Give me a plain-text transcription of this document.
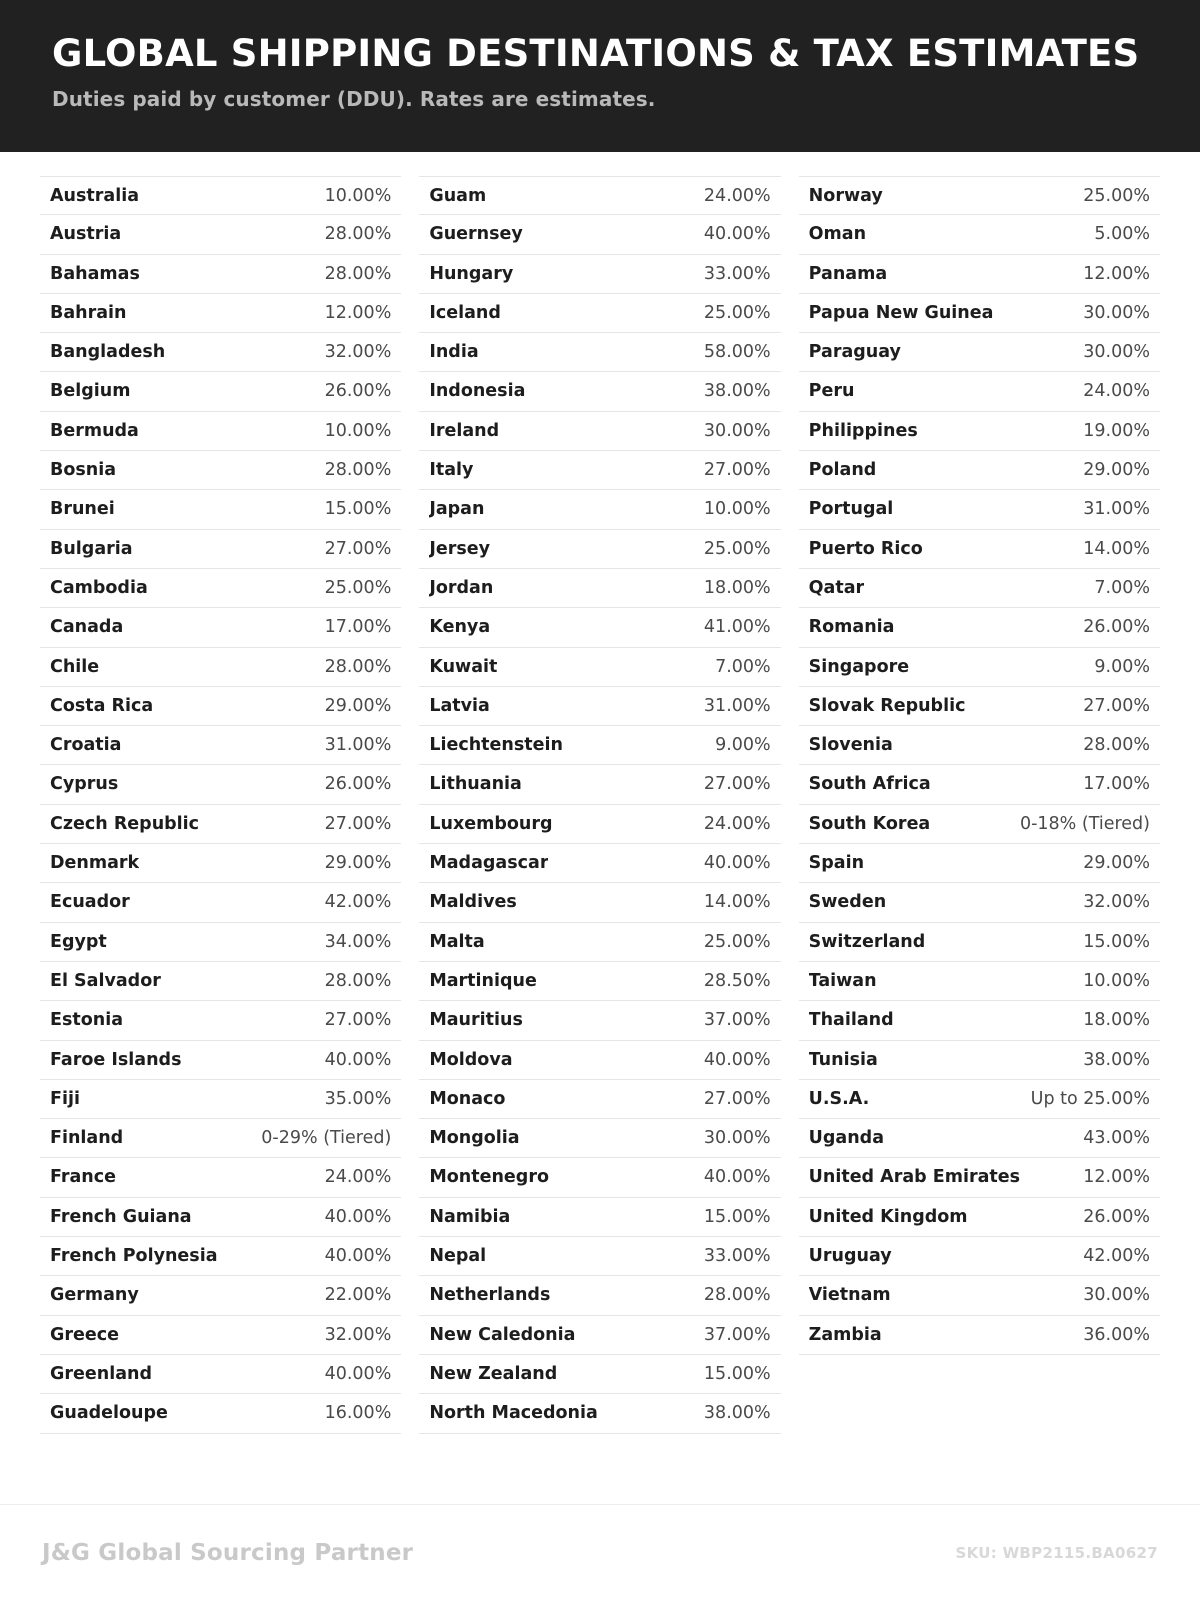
GLOBAL SHIPPING DESTINATIONS & TAX ESTIMATES

Duties paid by customer (DDU). Rates are estimates.

Australia	10.00%
Austria	28.00%
Bahamas	28.00%
Bahrain	12.00%
Bangladesh	32.00%
Belgium	26.00%
Bermuda	10.00%
Bosnia	28.00%
Brunei	15.00%
Bulgaria	27.00%
Cambodia	25.00%
Canada	17.00%
Chile	28.00%
Costa Rica	29.00%
Croatia	31.00%
Cyprus	26.00%
Czech Republic	27.00%
Denmark	29.00%
Ecuador	42.00%
Egypt	34.00%
El Salvador	28.00%
Estonia	27.00%
Faroe Islands	40.00%
Fiji	35.00%
Finland	0-29% (Tiered)
France	24.00%
French Guiana	40.00%
French Polynesia	40.00%
Germany	22.00%
Greece	32.00%
Greenland	40.00%
Guadeloupe	16.00%
Guam	24.00%
Guernsey	40.00%
Hungary	33.00%
Iceland	25.00%
India	58.00%
Indonesia	38.00%
Ireland	30.00%
Italy	27.00%
Japan	10.00%
Jersey	25.00%
Jordan	18.00%
Kenya	41.00%
Kuwait	7.00%
Latvia	31.00%
Liechtenstein	9.00%
Lithuania	27.00%
Luxembourg	24.00%
Madagascar	40.00%
Maldives	14.00%
Malta	25.00%
Martinique	28.50%
Mauritius	37.00%
Moldova	40.00%
Monaco	27.00%
Mongolia	30.00%
Montenegro	40.00%
Namibia	15.00%
Nepal	33.00%
Netherlands	28.00%
New Caledonia	37.00%
New Zealand	15.00%
North Macedonia	38.00%
Norway	25.00%
Oman	5.00%
Panama	12.00%
Papua New Guinea	30.00%
Paraguay	30.00%
Peru	24.00%
Philippines	19.00%
Poland	29.00%
Portugal	31.00%
Puerto Rico	14.00%
Qatar	7.00%
Romania	26.00%
Singapore	9.00%
Slovak Republic	27.00%
Slovenia	28.00%
South Africa	17.00%
South Korea	0-18% (Tiered)
Spain	29.00%
Sweden	32.00%
Switzerland	15.00%
Taiwan	10.00%
Thailand	18.00%
Tunisia	38.00%
U.S.A.	Up to 25.00%
Uganda	43.00%
United Arab Emirates	12.00%
United Kingdom	26.00%
Uruguay	42.00%
Vietnam	30.00%
Zambia	36.00%
J&G Global Sourcing Partner	SKU: WBP2115.BA0627
